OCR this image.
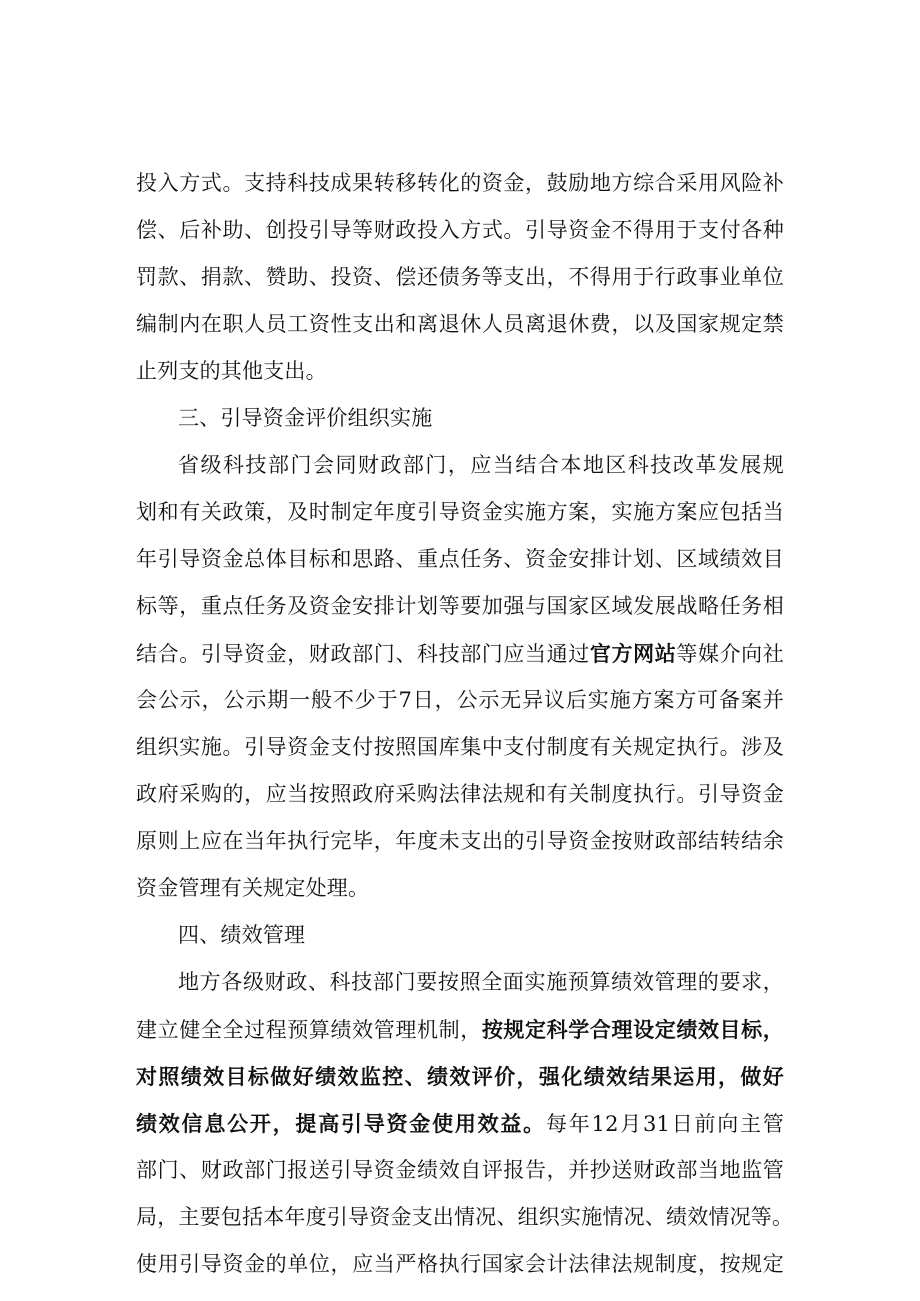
投入方式。支持科技成果转移转化的资金，鼓励地方综合采用风险补
偿、后补助、创投引导等财政投入方式。引导资金不得用于支付各种
罚款、捐款、赞助、投资、偿还债务等支出，不得用于行政事业单位
编制内在职人员工资性支出和离退休人员离退休费，以及国家规定禁
止列支的其他支出。
三、引导资金评价组织实施
省级科技部门会同财政部门，应当结合本地区科技改革发展规
划和有关政策，及时制定年度引导资金实施方案，实施方案应包括当
年引导资金总体目标和思路、重点任务、资金安排计划、区域绩效目
标等，重点任务及资金安排计划等要加强与国家区域发展战略任务相
结合。引导资金，财政部门、科技部门应当通过官方网站等媒介向社
会公示，公示期一般不少于7日，公示无异议后实施方案方可备案并
组织实施。引导资金支付按照国库集中支付制度有关规定执行。涉及
政府采购的，应当按照政府采购法律法规和有关制度执行。引导资金
原则上应在当年执行完毕，年度未支出的引导资金按财政部结转结余
资金管理有关规定处理。
四、绩效管理
地方各级财政、科技部门要按照全面实施预算绩效管理的要求，
建立健全全过程预算绩效管理机制，按规定科学合理设定绩效目标，
对照绩效目标做好绩效监控、绩效评价，强化绩效结果运用，做好
绩效信息公开，提高引导资金使用效益。每年12月31日前向主管
部门、财政部门报送引导资金绩效自评报告，并抄送财政部当地监管
局，主要包括本年度引导资金支出情况、组织实施情况、绩效情况等。
使用引导资金的单位，应当严格执行国家会计法律法规制度，按规定
